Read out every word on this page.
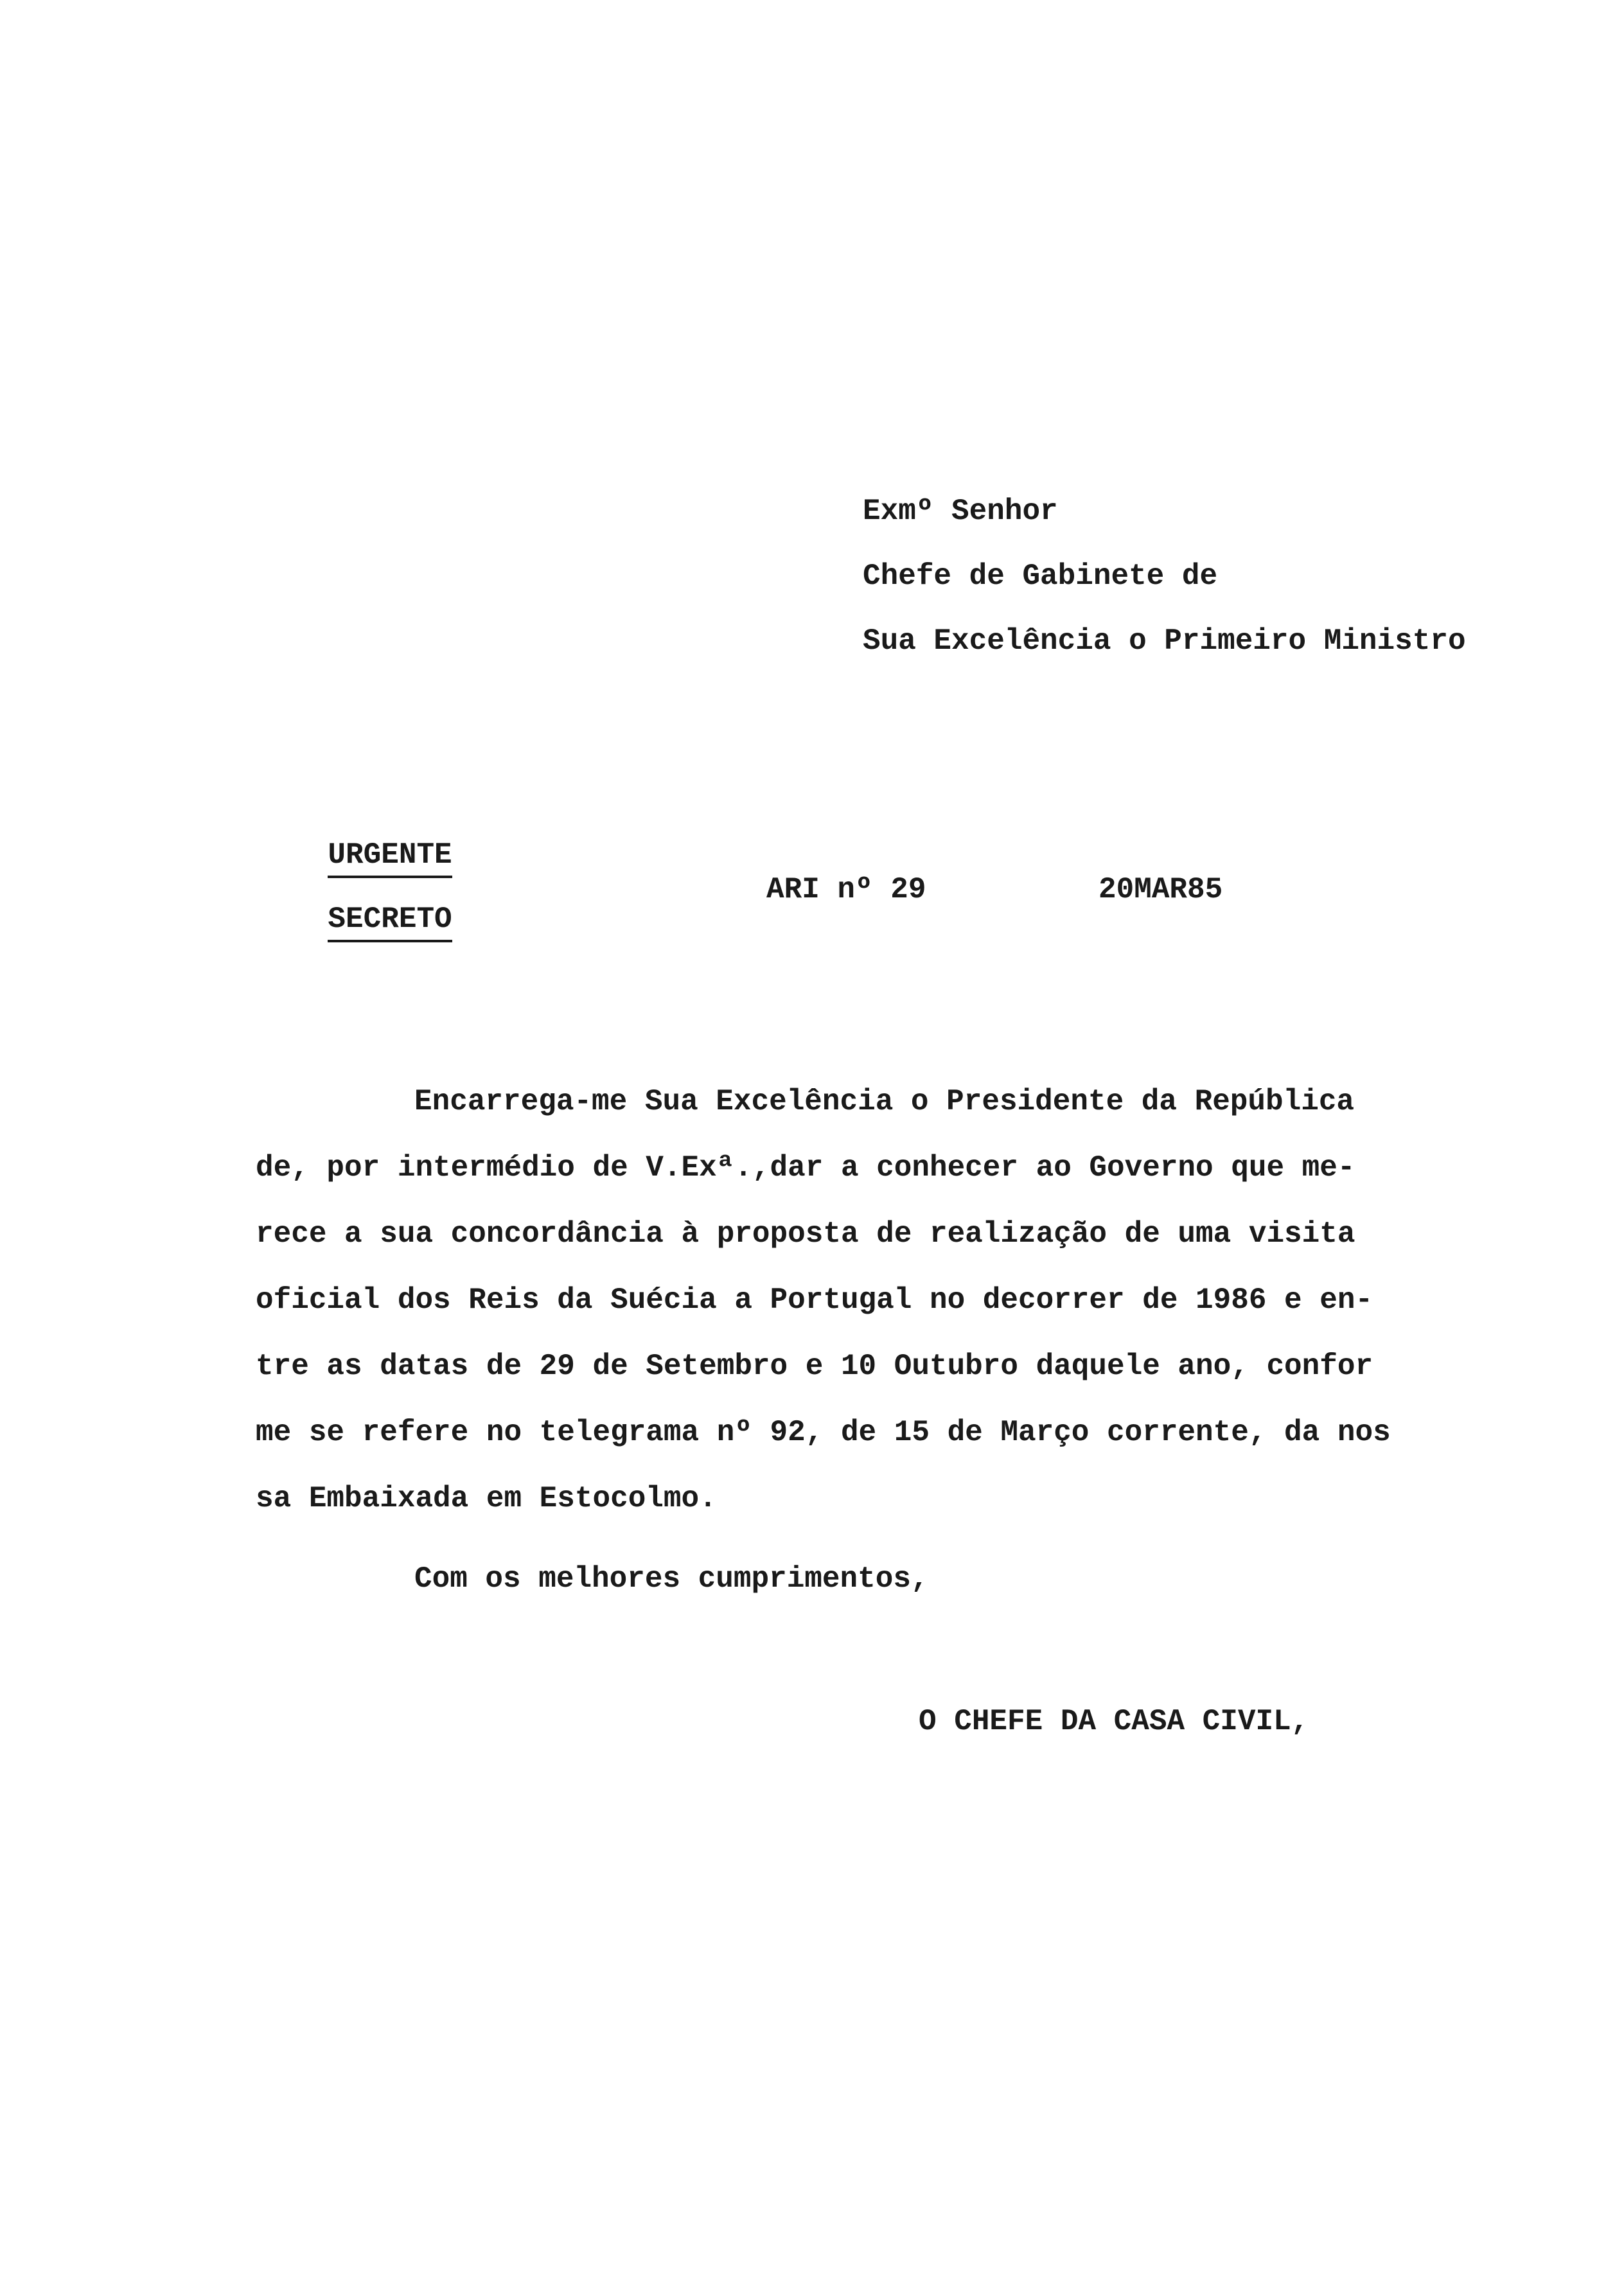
Exmº Senhor
Chefe de Gabinete de
Sua Excelência o Primeiro Ministro

URGENTE

SECRETO

ARI nº 29	20MAR85
Encarrega-me Sua Excelência o Presidente da República
de, por intermédio de V.Exª.,dar a conhecer ao Governo que me-
rece a sua concordância à proposta de realização de uma visita
oficial dos Reis da Suécia a Portugal no decorrer de 1986 e en-
tre as datas de 29 de Setembro e 10 Outubro daquele ano, confor
me se refere no telegrama nº 92, de 15 de Março corrente, da nos
sa Embaixada em Estocolmo.
Com os melhores cumprimentos,
O CHEFE DA CASA CIVIL,
